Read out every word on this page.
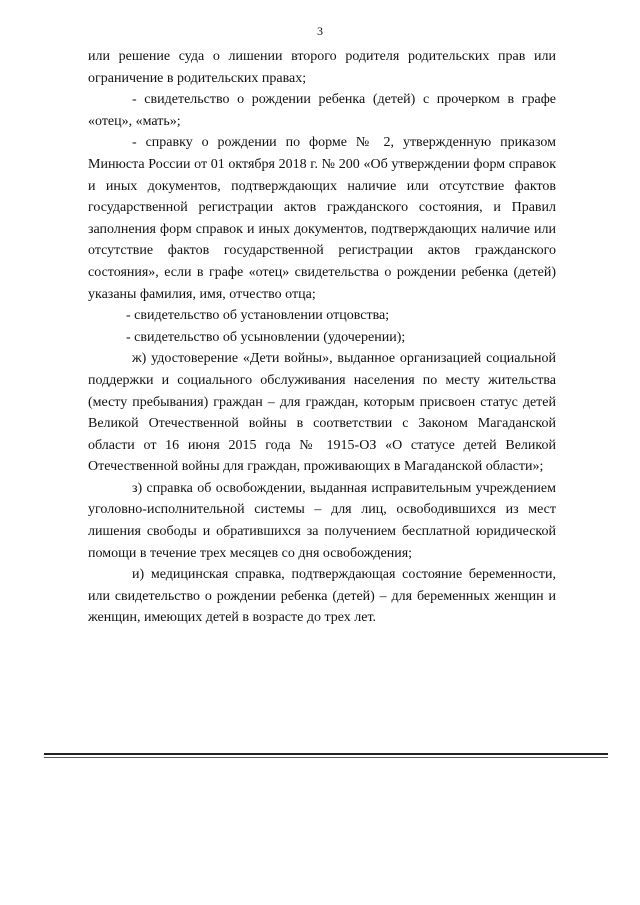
3

или решение суда о лишении второго родителя родительских прав или ограничение в родительских правах;

- свидетельство о рождении ребенка (детей) с прочерком в графе «отец», «мать»;

- справку о рождении по форме № 2, утвержденную приказом Минюста России от 01 октября 2018 г. № 200 «Об утверждении форм справок и иных документов, подтверждающих наличие или отсутствие фактов государственной регистрации актов гражданского состояния, и Правил заполнения форм справок и иных документов, подтверждающих наличие или отсутствие фактов государственной регистрации актов гражданского состояния», если в графе «отец» свидетельства о рождении ребенка (детей) указаны фамилия, имя, отчество отца;

- свидетельство об установлении отцовства;

- свидетельство об усыновлении (удочерении);

ж) удостоверение «Дети войны», выданное организацией социальной поддержки и социального обслуживания населения по месту жительства (месту пребывания) граждан – для граждан, которым присвоен статус детей Великой Отечественной войны в соответствии с Законом Магаданской области от 16 июня 2015 года № 1915-ОЗ «О статусе детей Великой Отечественной войны для граждан, проживающих в Магаданской области»;

з) справка об освобождении, выданная исправительным учреждением уголовно-исполнительной системы – для лиц, освободившихся из мест лишения свободы и обратившихся за получением бесплатной юридической помощи в течение трех месяцев со дня освобождения;

и) медицинская справка, подтверждающая состояние беременности, или свидетельство о рождении ребенка (детей) – для беременных женщин и женщин, имеющих детей в возрасте до трех лет.
